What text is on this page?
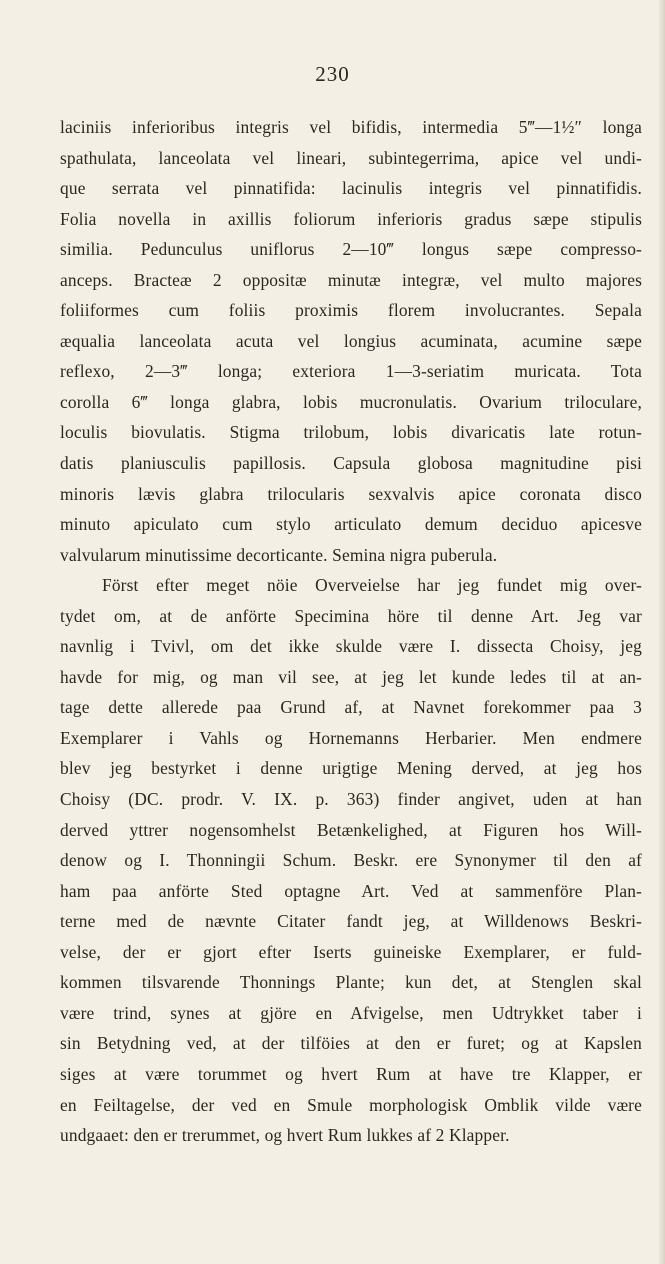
230
laciniis inferioribus integris vel bifidis, intermedia 5‴—1½″ longa
spathulata, lanceolata vel lineari, subintegerrima, apice vel undi-
que serrata vel pinnatifida: lacinulis integris vel pinnatifidis.
Folia novella in axillis foliorum inferioris gradus sæpe stipulis
similia. Pedunculus uniflorus 2—10‴ longus sæpe compresso-
anceps. Bracteæ 2 oppositæ minutæ integræ, vel multo majores
foliiformes cum foliis proximis florem involucrantes. Sepala
æqualia lanceolata acuta vel longius acuminata, acumine sæpe
reflexo, 2—3‴ longa; exteriora 1—3-seriatim muricata. Tota
corolla 6‴ longa glabra, lobis mucronulatis. Ovarium triloculare,
loculis biovulatis. Stigma trilobum, lobis divaricatis late rotun-
datis planiusculis papillosis. Capsula globosa magnitudine pisi
minoris lævis glabra trilocularis sexvalvis apice coronata disco
minuto apiculato cum stylo articulato demum deciduo apicesve
valvularum minutissime decorticante. Semina nigra puberula.
Först efter meget nöie Overveielse har jeg fundet mig over-
tydet om, at de anförte Specimina höre til denne Art. Jeg var
navnlig i Tvivl, om det ikke skulde være I. dissecta Choisy, jeg
havde for mig, og man vil see, at jeg let kunde ledes til at an-
tage dette allerede paa Grund af, at Navnet forekommer paa 3
Exemplarer i Vahls og Hornemanns Herbarier. Men endmere
blev jeg bestyrket i denne urigtige Mening derved, at jeg hos
Choisy (DC. prodr. V. IX. p. 363) finder angivet, uden at han
derved yttrer nogensomhelst Betænkelighed, at Figuren hos Will-
denow og I. Thonningii Schum. Beskr. ere Synonymer til den af
ham paa anförte Sted optagne Art. Ved at sammenföre Plan-
terne med de nævnte Citater fandt jeg, at Willdenows Beskri-
velse, der er gjort efter Iserts guineiske Exemplarer, er fuld-
kommen tilsvarende Thonnings Plante; kun det, at Stenglen skal
være trind, synes at gjöre en Afvigelse, men Udtrykket taber i
sin Betydning ved, at der tilföies at den er furet; og at Kapslen
siges at være torummet og hvert Rum at have tre Klapper, er
en Feiltagelse, der ved en Smule morphologisk Omblik vilde være
undgaaet: den er trerummet, og hvert Rum lukkes af 2 Klapper.
